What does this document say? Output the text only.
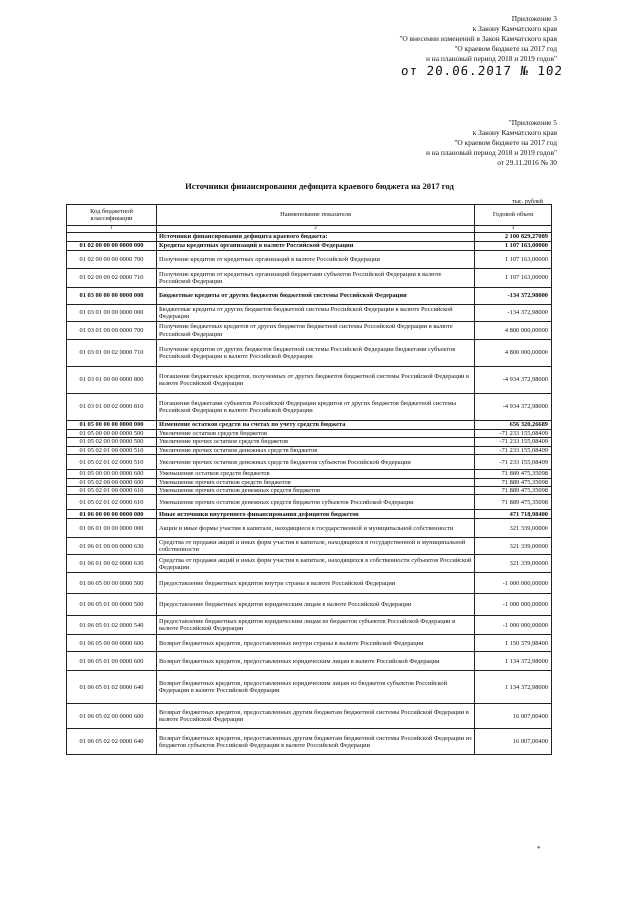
Приложение 3
к Закону Камчатского края
"О внесении изменений в Закон Камчатского края
"О краевом бюджете на 2017 год
и на плановый период 2018 и 2019 годов"
от 20.06.2017 № 102
"Приложение 5
к Закону Камчатского края
"О краевом бюджете на 2017 год
и на плановый период 2018 и 2019 годов"
от 29.11.2016 № 30
Источники финансирования дефицита краевого бюджета на 2017 год
тыс. рублей
Код бюджетной классификации	Наименование показателя	Годовой объем
1	2	3
	Источники финансирования дефицита краевого бюджета:	2 100 829,27089
01 02 00 00 00 0000 000	Кредиты кредитных организаций в валюте Российской Федерации	1 107 163,00000
01 02 00 00 00 0000 700	Получение кредитов от кредитных организаций в валюте Российской Федерации	1 107 163,00000
01 02 00 00 02 0000 710	Получение кредитов от кредитных организаций бюджетами субъектов Российской Федерации в валюте Российской Федерации	1 107 163,00000
01 03 00 00 00 0000 000	Бюджетные кредиты от других бюджетов бюджетной системы Российской Федерации	-134 372,98000
01 03 01 00 00 0000 000	Бюджетные кредиты от других бюджетов бюджетной системы Российской Федерации в валюте Российской Федерации	-134 372,98000
01 03 01 00 00 0000 700	Получение бюджетных кредитов от других бюджетов бюджетной системы Российской Федерации в валюте Российской Федерации	4 800 000,00000
01 03 01 00 02 0000 710	Получение кредитов от других бюджетов бюджетной системы Российской Федерации бюджетами субъектов Российской Федерации в валюте Российской Федерации	4 800 000,00000
01 03 01 00 00 0000 800	Погашение бюджетных кредитов, полученных от других бюджетов бюджетной системы Российской Федерации в валюте Российской Федерации	-4 934 372,98000
01 03 01 00 02 0000 810	Погашение бюджетами субъектов Российской Федерации кредитов от других бюджетов бюджетной системы Российской Федерации в валюте Российской Федерации	-4 934 372,98000
01 05 00 00 00 0000 000	Изменение остатков средств на счетах по учету средств бюджета	656 320,26689
01 05 00 00 00 0000 500	Увеличение остатков средств бюджетов	-71 233 155,08409
01 05 02 00 00 0000 500	Увеличение прочих остатков средств бюджетов	-71 233 155,08409
01 05 02 01 00 0000 510	Увеличение прочих остатков денежных средств бюджетов	-71 233 155,08409
01 05 02 01 02 0000 510	Увеличение прочих остатков денежных средств бюджетов субъектов Российской Федерации	-71 233 155,08409
01 05 00 00 00 0000 600	Уменьшение остатков средств бюджетов	71 889 475,35098
01 05 02 00 00 0000 600	Уменьшение прочих остатков средств бюджетов	71 889 475,35098
01 05 02 01 00 0000 610	Уменьшение прочих остатков денежных средств бюджетов	71 889 475,35098
01 05 02 01 02 0000 610	Уменьшение прочих остатков денежных средств бюджетов субъектов Российской Федерации	71 889 475,35098
01 06 00 00 00 0000 000	Иные источники внутреннего финансирования дефицитов бюджетов	471 718,98400
01 06 01 00 00 0000 000	Акции и иные формы участия в капитале, находящиеся в государственной и муниципальной собственности	321 339,00000
01 06 01 00 00 0000 630	Средства от продажи акций и иных форм участия в капитале, находящихся в государственной и муниципальной собственности	321 339,00000
01 06 01 00 02 0000 630	Средства от продажи акций и иных форм участия в капитале, находящихся в собственности субъектов Российской Федерации	321 339,00000
01 06 05 00 00 0000 500	Предоставление бюджетных кредитов внутри страны в валюте Российской Федерации	-1 000 000,00000
01 06 05 01 00 0000 500	Предоставление бюджетных кредитов юридическим лицам в валюте Российской Федерации	-1 000 000,00000
01 06 05 01 02 0000 540	Предоставление бюджетных кредитов юридическим лицам из бюджетов субъектов Российской Федерации в валюте Российской Федерации	-1 000 000,00000
01 06 05 00 00 0000 600	Возврат бюджетных кредитов, предоставленных внутри страны в валюте Российской Федерации	1 150 379,98400
01 06 05 01 00 0000 600	Возврат бюджетных кредитов, предоставленных юридическим лицам в валюте Российской Федерации	1 134 372,98000
01 06 05 01 02 0000 640	Возврат бюджетных кредитов, предоставленных юридическим лицам из бюджетов субъектов Российской Федерации в валюте Российской Федерации	1 134 372,98000
01 06 05 02 00 0000 600	Возврат бюджетных кредитов, предоставленных другим бюджетам бюджетной системы Российской Федерации в валюте Российской Федерации	16 007,00400
01 06 05 02 02 0000 640	Возврат бюджетных кредитов, предоставленных другим бюджетам бюджетной системы Российской Федерации из бюджетов субъектов Российской Федерации в валюте Российской Федерации	16 007,00400
*
